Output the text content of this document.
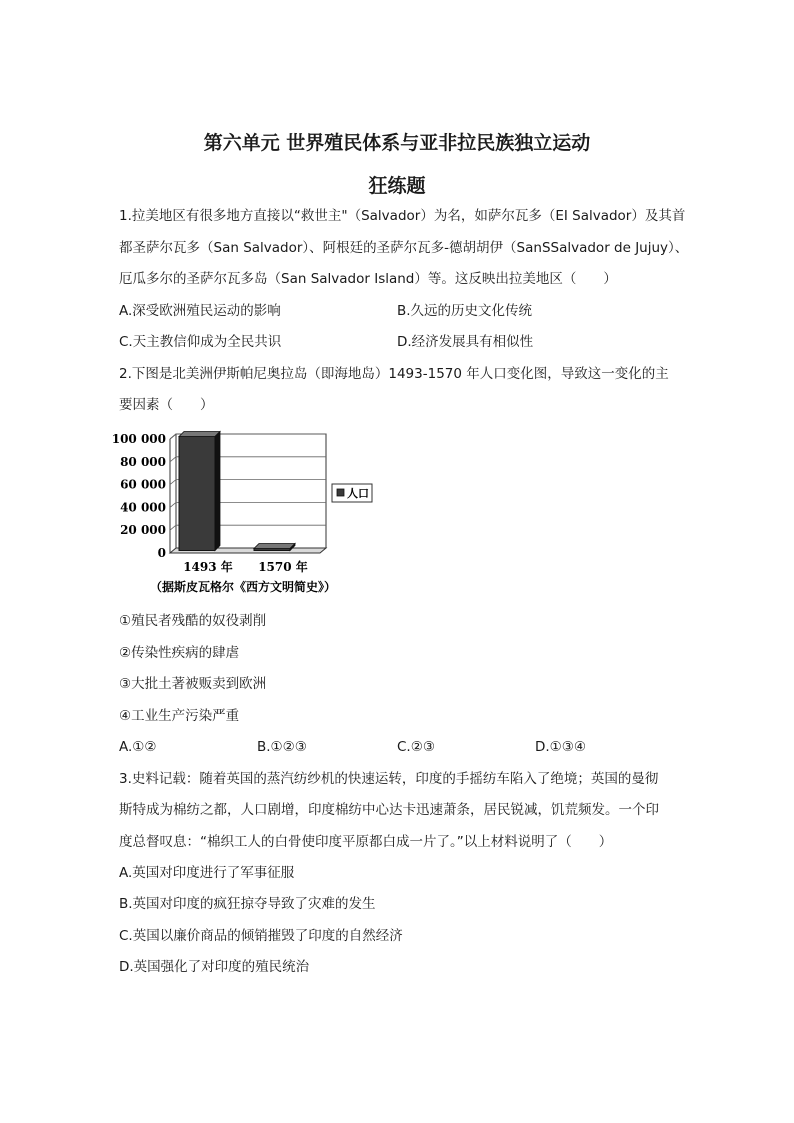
第六单元 世界殖民体系与亚非拉民族独立运动
狂练题
1.拉美地区有很多地方直接以“救世主"（Salvador）为名，如萨尔瓦多（EI Salvador）及其首
都圣萨尔瓦多（San Salvador）、阿根廷的圣萨尔瓦多-德胡胡伊（SanSSalvador de Jujuy）、
厄瓜多尔的圣萨尔瓦多岛（San Salvador Island）等。这反映出拉美地区（　　）
A.深受欧洲殖民运动的影响	B.久远的历史文化传统
C.天主教信仰成为全民共识	D.经济发展具有相似性
2.下图是北美洲伊斯帕尼奥拉岛（即海地岛）1493-1570 年人口变化图，导致这一变化的主
要因素（　　）
100 000
80 000
60 000
40 000
20 000
0
1493 年 1570 年
人口
（据斯皮瓦格尔《西方文明简史》）
①殖民者残酷的奴役剥削
②传染性疾病的肆虐
③大批土著被贩卖到欧洲
④工业生产污染严重
A.①②	B.①②③	C.②③	D.①③④
3.史料记载：随着英国的蒸汽纺纱机的快速运转，印度的手摇纺车陷入了绝境；英国的曼彻
斯特成为棉纺之都，人口剧增，印度棉纺中心达卡迅速萧条，居民锐减，饥荒频发。一个印
度总督叹息：“棉织工人的白骨使印度平原都白成一片了。”以上材料说明了（　　）
A.英国对印度进行了军事征服
B.英国对印度的疯狂掠夺导致了灾难的发生
C.英国以廉价商品的倾销摧毁了印度的自然经济
D.英国强化了对印度的殖民统治
